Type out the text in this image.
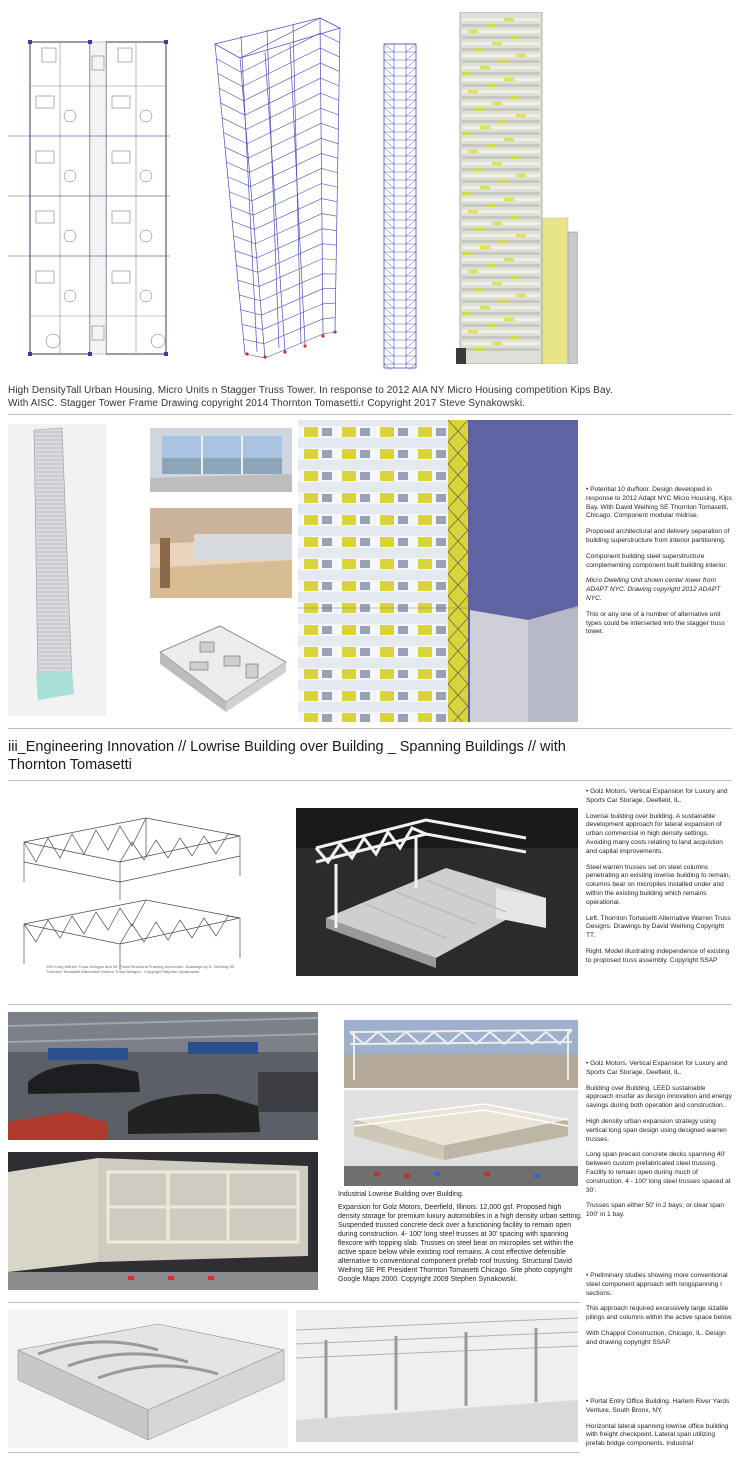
High DensityTall Urban Housing. Micro Units n Stagger Truss Tower. In response to 2012 AIA NY Micro Housing competition Kips Bay.
With AISC. Stagger Tower Frame Drawing copyright 2014 Thornton Tomasetti.r Copyright 2017 Steve Synakowski.

• Potential 10 du/floor. Design developed in response to 2012 Adapt NYC Micro Housing, Kips Bay. With David Weihing SE Thornton Tomasetti, Chicago. Component modular midrise.

Proposed architectural and delivery separation of building superstructure from interior partitioning.

Component building steel superstructure complementing component built building interior.

Micro Dwelling Unit shown center lower from ADAPT NYC. Drawing copyright 2012 ADAPT NYC.

This or any one of a number of alternative unit types could be interserted into the stagger truss tower.

iii_Engineering Innovation // Lowrise Building over Building _ Spanning Buildings // with Thornton Tomasetti
100' Long Warren Truss Designs and 50' Portal Structural Framing Schematic. Drawings by D. Weihing SE, Thornton Tomasetti Alternative Warren Truss Designs - Copyright Stephen Synakowski

• Golz Motors. Vertical Expansion for Luxury and Sports Car Storage, Deefield, IL.

Lowrise building over building. A sustainable development approach for lateral expansion of urban commercial in high density settings. Avoiding many costs relating to land acquistion and capital improvements.

Steel warren trusses set on steel columns penetrating an existing lowrise building to remain, columns bear on micropiles installed under and within the existing building which remains operational.

Left. Thornton Tomasetti Alternative Warren Truss Designs. Drawings by David Weihing Copyright TT.

Right. Model illustrating independence of existing to proposed truss assembly. Copyright SSAP

Industrial Lowrise Building over Building.
Expansion for Golz Motors, Deerfield, Illinois. 12,000 gsf. Proposed high density storage for premium luxury automobiles in a high density urban setting. Suspended trussed concrete deck over a functioning facility to remain open during construction. 4- 100' long steel trusses at 30' spacing with spanning flexcore with topping slab. Trusses on steel bear on micropiles set within the active space below while existing roof remains. A cost effective defensible alternative to conventional component prefab roof trussing. Structural David Weihing SE PE President Thornton Tomasetti Chicago. Site photo copyright Google Maps 2000. Copyright 2009 Stephen Synakowski.

• Golz Motors. Vertical Expansion for Luxury and Sports Car Storage, Deefield, IL.

Building over Building. LEED sustainable approach insofar as design innovation and energy savings during both operation and construction..

High density urban expansion strategy using vertical long span design using designed warren trusses.

Long span precast concrete decks spanning 40' between custom prefabricated steel trussing. Facility to remain open during much of construction. 4 - 100' long steel trusses spaced at 30'.

Trusses span either 50' in 2 bays; or clear span 100' in 1 bay.

• Preliminary studies showing more conventional steel component approach with longspanning I sections.

This approach required excessively large sizable pilings and columns within the active space below.

With Chappol Construction, Chicago, IL. Design and drawing copyright SSAP.

• Portal Entry Office Building. Harlem River Yards Venture, South Bronx, NY.

Horizontal lateral spanning lowrise office building with freight checkpoint. Lateral span utilizing prefab bridge components. Industrial
